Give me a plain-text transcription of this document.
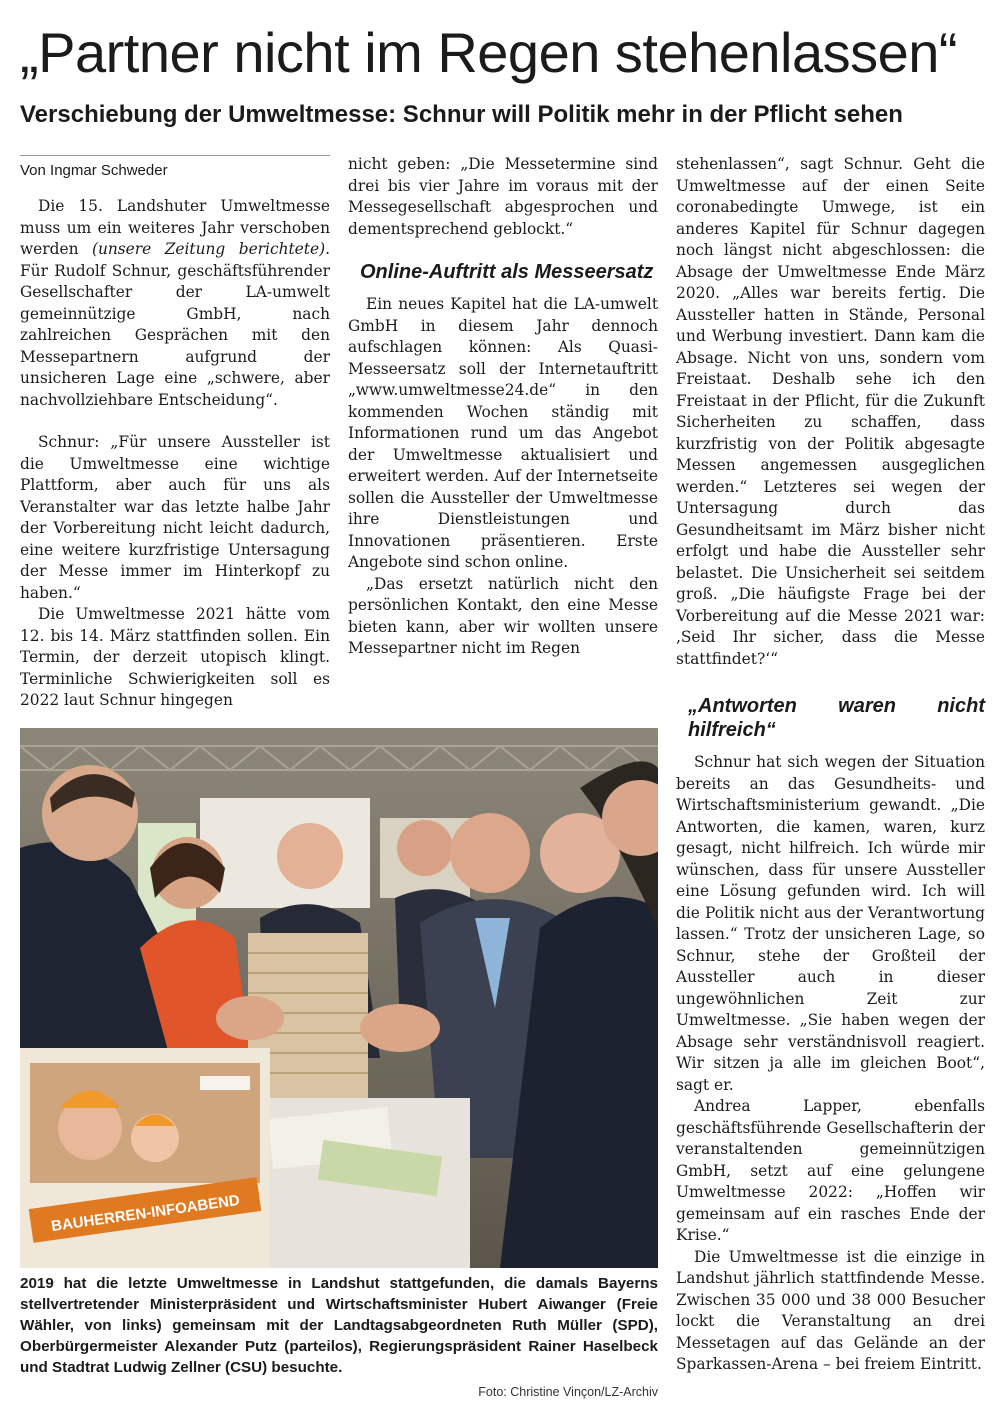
„Partner nicht im Regen stehenlassen“
Verschiebung der Umweltmesse: Schnur will Politik mehr in der Pflicht sehen
Von Ingmar Schweder

Die 15. Landshuter Umweltmesse muss um ein weiteres Jahr verschoben werden (unsere Zeitung berichtete). Für Rudolf Schnur, geschäftsführender Gesellschafter der LA-umwelt gemeinnützige GmbH, nach zahlreichen Gesprächen mit den Messepartnern aufgrund der unsicheren Lage eine „schwere, aber nachvollziehbare Entscheidung“.

Schnur: „Für unsere Aussteller ist die Umweltmesse eine wichtige Plattform, aber auch für uns als Veranstalter war das letzte halbe Jahr der Vorbereitung nicht leicht dadurch, eine weitere kurzfristige Untersagung der Messe immer im Hinterkopf zu haben.“

Die Umweltmesse 2021 hätte vom 12. bis 14. März stattfinden sollen. Ein Termin, der derzeit utopisch klingt. Terminliche Schwierigkeiten soll es 2022 laut Schnur hingegen

nicht geben: „Die Messetermine sind drei bis vier Jahre im voraus mit der Messegesellschaft abgesprochen und dementsprechend geblockt.“

Online-Auftritt als Messeersatz

Ein neues Kapitel hat die LA-umwelt GmbH in diesem Jahr dennoch aufschlagen können: Als Quasi-Messeersatz soll der Internetauftritt „www.umweltmesse24.de“ in den kommenden Wochen ständig mit Informationen rund um das Angebot der Umweltmesse aktualisiert und erweitert werden. Auf der Internetseite sollen die Aussteller der Umweltmesse ihre Dienstleistungen und Innovationen präsentieren. Erste Angebote sind schon online.

„Das ersetzt natürlich nicht den persönlichen Kontakt, den eine Messe bieten kann, aber wir wollten unsere Messepartner nicht im Regen

stehenlassen“, sagt Schnur. Geht die Umweltmesse auf der einen Seite coronabedingte Umwege, ist ein anderes Kapitel für Schnur dagegen noch längst nicht abgeschlossen: die Absage der Umweltmesse Ende März 2020. „Alles war bereits fertig. Die Aussteller hatten in Stände, Personal und Werbung investiert. Dann kam die Absage. Nicht von uns, sondern vom Freistaat. Deshalb sehe ich den Freistaat in der Pflicht, für die Zukunft Sicherheiten zu schaffen, dass kurzfristig von der Politik abgesagte Messen angemessen ausgeglichen werden.“ Letzteres sei wegen der Untersagung durch das Gesundheitsamt im März bisher nicht erfolgt und habe die Aussteller sehr belastet. Die Unsicherheit sei seitdem groß. „Die häufigste Frage bei der Vorbereitung auf die Messe 2021 war: ‚Seid Ihr sicher, dass die Messe stattfindet?‘“

„Antworten waren nicht hilfreich“

Schnur hat sich wegen der Situation bereits an das Gesundheits- und Wirtschaftsministerium gewandt. „Die Antworten, die kamen, waren, kurz gesagt, nicht hilfreich. Ich würde mir wünschen, dass für unsere Aussteller eine Lösung gefunden wird. Ich will die Politik nicht aus der Verantwortung lassen.“ Trotz der unsicheren Lage, so Schnur, stehe der Großteil der Aussteller auch in dieser ungewöhnlichen Zeit zur Umweltmesse. „Sie haben wegen der Absage sehr verständnisvoll reagiert. Wir sitzen ja alle im gleichen Boot“, sagt er.

Andrea Lapper, ebenfalls geschäftsführende Gesellschafterin der veranstaltenden gemeinnützigen GmbH, setzt auf eine gelungene Umweltmesse 2022: „Hoffen wir gemeinsam auf ein rasches Ende der Krise.“

Die Umweltmesse ist die einzige in Landshut jährlich stattfindende Messe. Zwischen 35 000 und 38 000 Besucher lockt die Veranstaltung an drei Messetagen auf das Gelände an der Sparkassen-Arena – bei freiem Eintritt.

BAUHERREN-INFOABEND
2019 hat die letzte Umweltmesse in Landshut stattgefunden, die damals Bayerns stellvertretender Ministerpräsident und Wirtschaftsminister Hubert Aiwanger (Freie Wähler, von links) gemeinsam mit der Landtagsabgeordneten Ruth Müller (SPD), Oberbürgermeister Alexander Putz (parteilos), Regierungspräsident Rainer Haselbeck und Stadtrat Ludwig Zellner (CSU) besuchte.
Foto: Christine Vinçon/LZ-Archiv
